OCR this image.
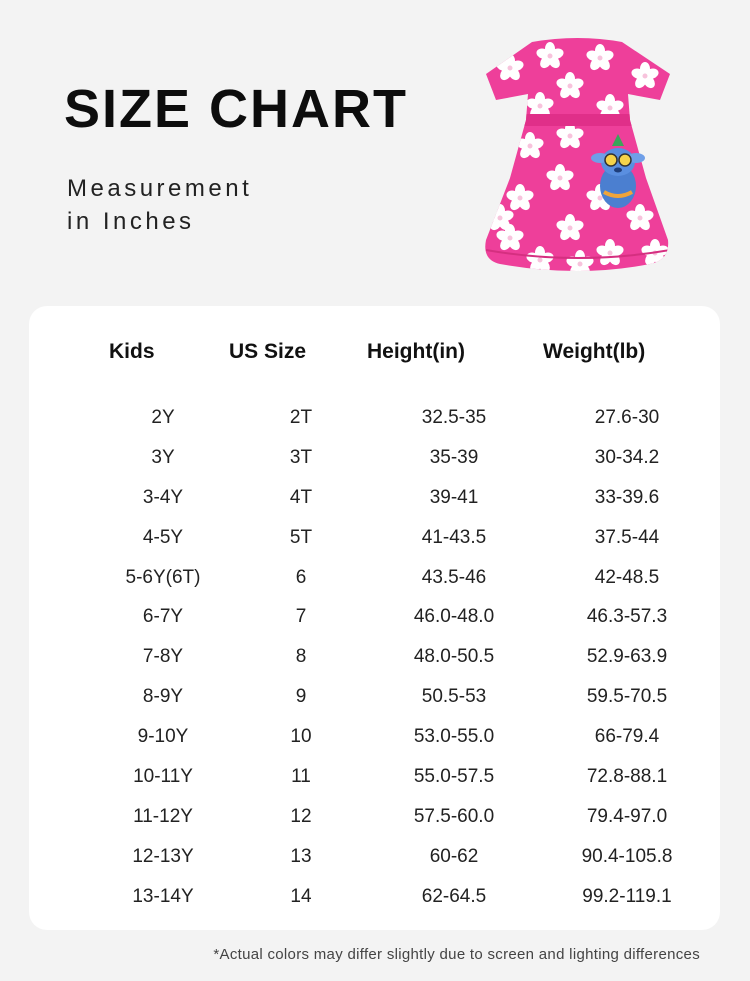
SIZE CHART
Measurement
in Inches
Kids	US Size	Height(in)	Weight(lb)

2Y	2T	32.5-35	27.6-30

3Y	3T	35-39	30-34.2

3-4Y	4T	39-41	33-39.6

4-5Y	5T	41-43.5	37.5-44

5-6Y(6T)	6	43.5-46	42-48.5

6-7Y	7	46.0-48.0	46.3-57.3

7-8Y	8	48.0-50.5	52.9-63.9

8-9Y	9	50.5-53	59.5-70.5

9-10Y	10	53.0-55.0	66-79.4

10-11Y	11	55.0-57.5	72.8-88.1

11-12Y	12	57.5-60.0	79.4-97.0

12-13Y	13	60-62	90.4-105.8

13-14Y	14	62-64.5	99.2-119.1
*Actual colors may differ slightly due to screen and lighting differences
